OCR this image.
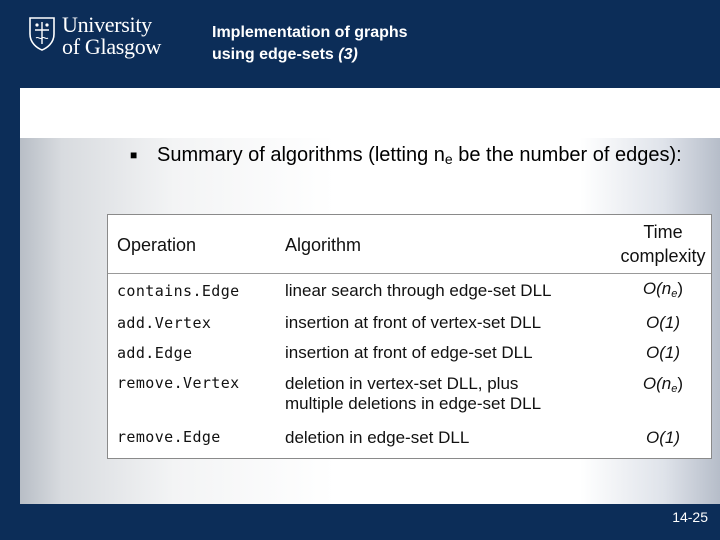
University
of Glasgow
Implementation of graphs
using edge-sets (3)
■ Summary of algorithms (letting ne be the number of edges):
Operation	Algorithm	Time
complexity

contains.Edge	linear search through edge-set DLL	$O(n_e)$
add.Vertex	insertion at front of vertex-set DLL	O(1)
add.Edge	insertion at front of edge-set DLL	O(1)
remove.Vertex	deletion in vertex-set DLL, plus
multiple deletions in edge-set DLL	$O(n_e)$
remove.Edge	deletion in edge-set DLL	O(1)
14-25
